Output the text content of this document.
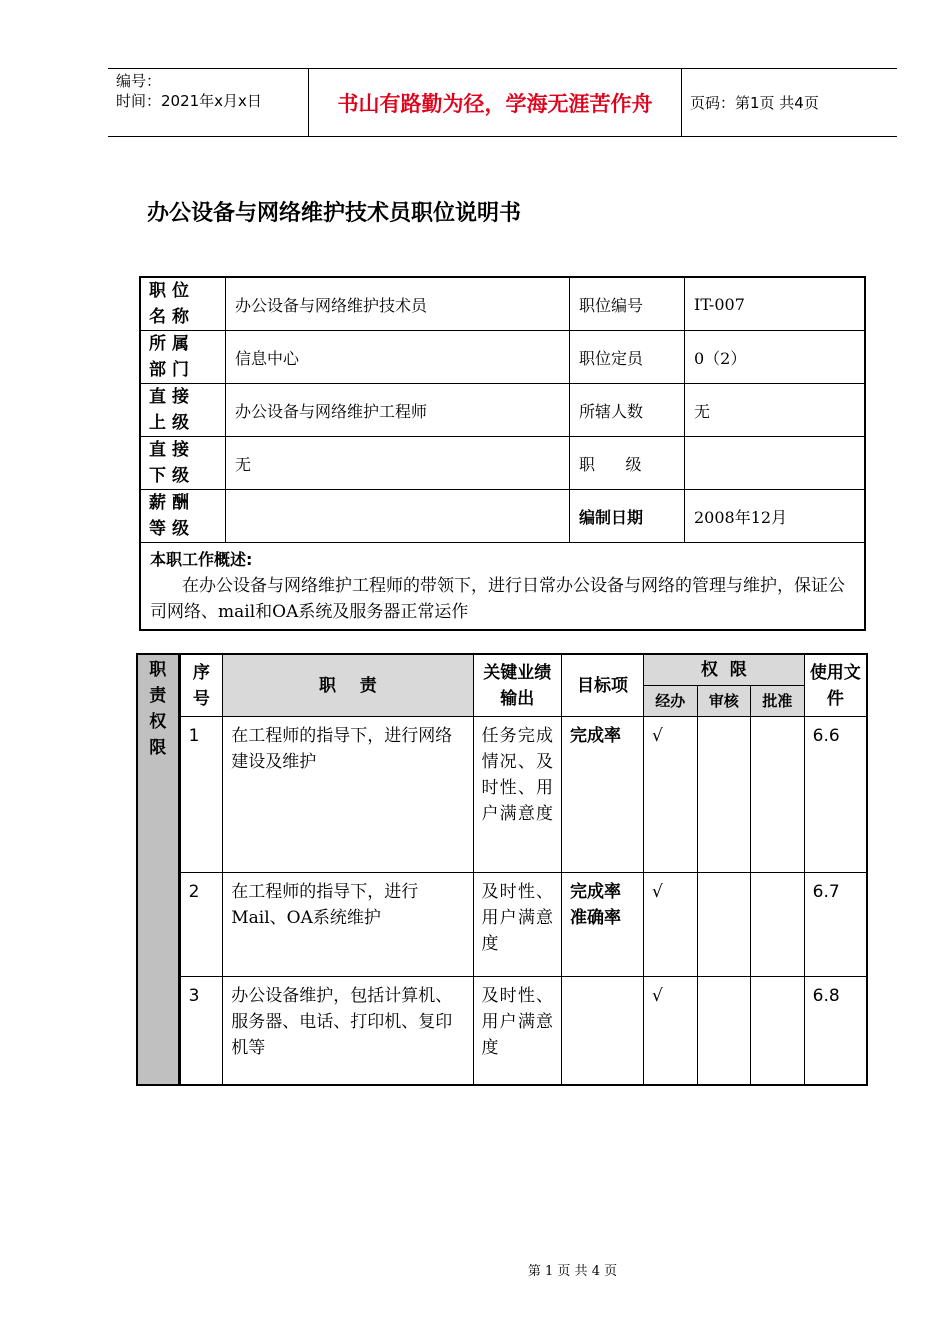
编号：
时间：2021年x月x日	书山有路勤为径，学海无涯苦作舟	页码：第1页 共4页
办公设备与网络维护技术员职位说明书
职位名称	办公设备与网络维护技术员	职位编号	IT-007
所属部门	信息中心	职位定员	0（2）
直接上级	办公设备与网络维护工程师	所辖人数	无
直接下级	无	职      级	
薪酬等级		编制日期	2008年12月

本职工作概述:
在办公设备与网络维护工程师的带领下，进行日常办公设备与网络的管理与维护，保证公司网络、mail和OA系统及服务器正常运作			
职责权限	序号	职    责	关键业绩输出	目标项	权  限			使用文件
					经办	审核	批准	
	1	在工程师的指导下，进行网络建设及维护	任务完成情况、及时性、用户满意度	完成率	√			6.6
	2	在工程师的指导下，进行Mail、OA系统维护	及时性、用户满意度	完成率准确率	√			6.7
	3	办公设备维护，包括计算机、服务器、电话、打印机、复印机等	及时性、用户满意度		√			6.8
第 1 页 共 4 页
